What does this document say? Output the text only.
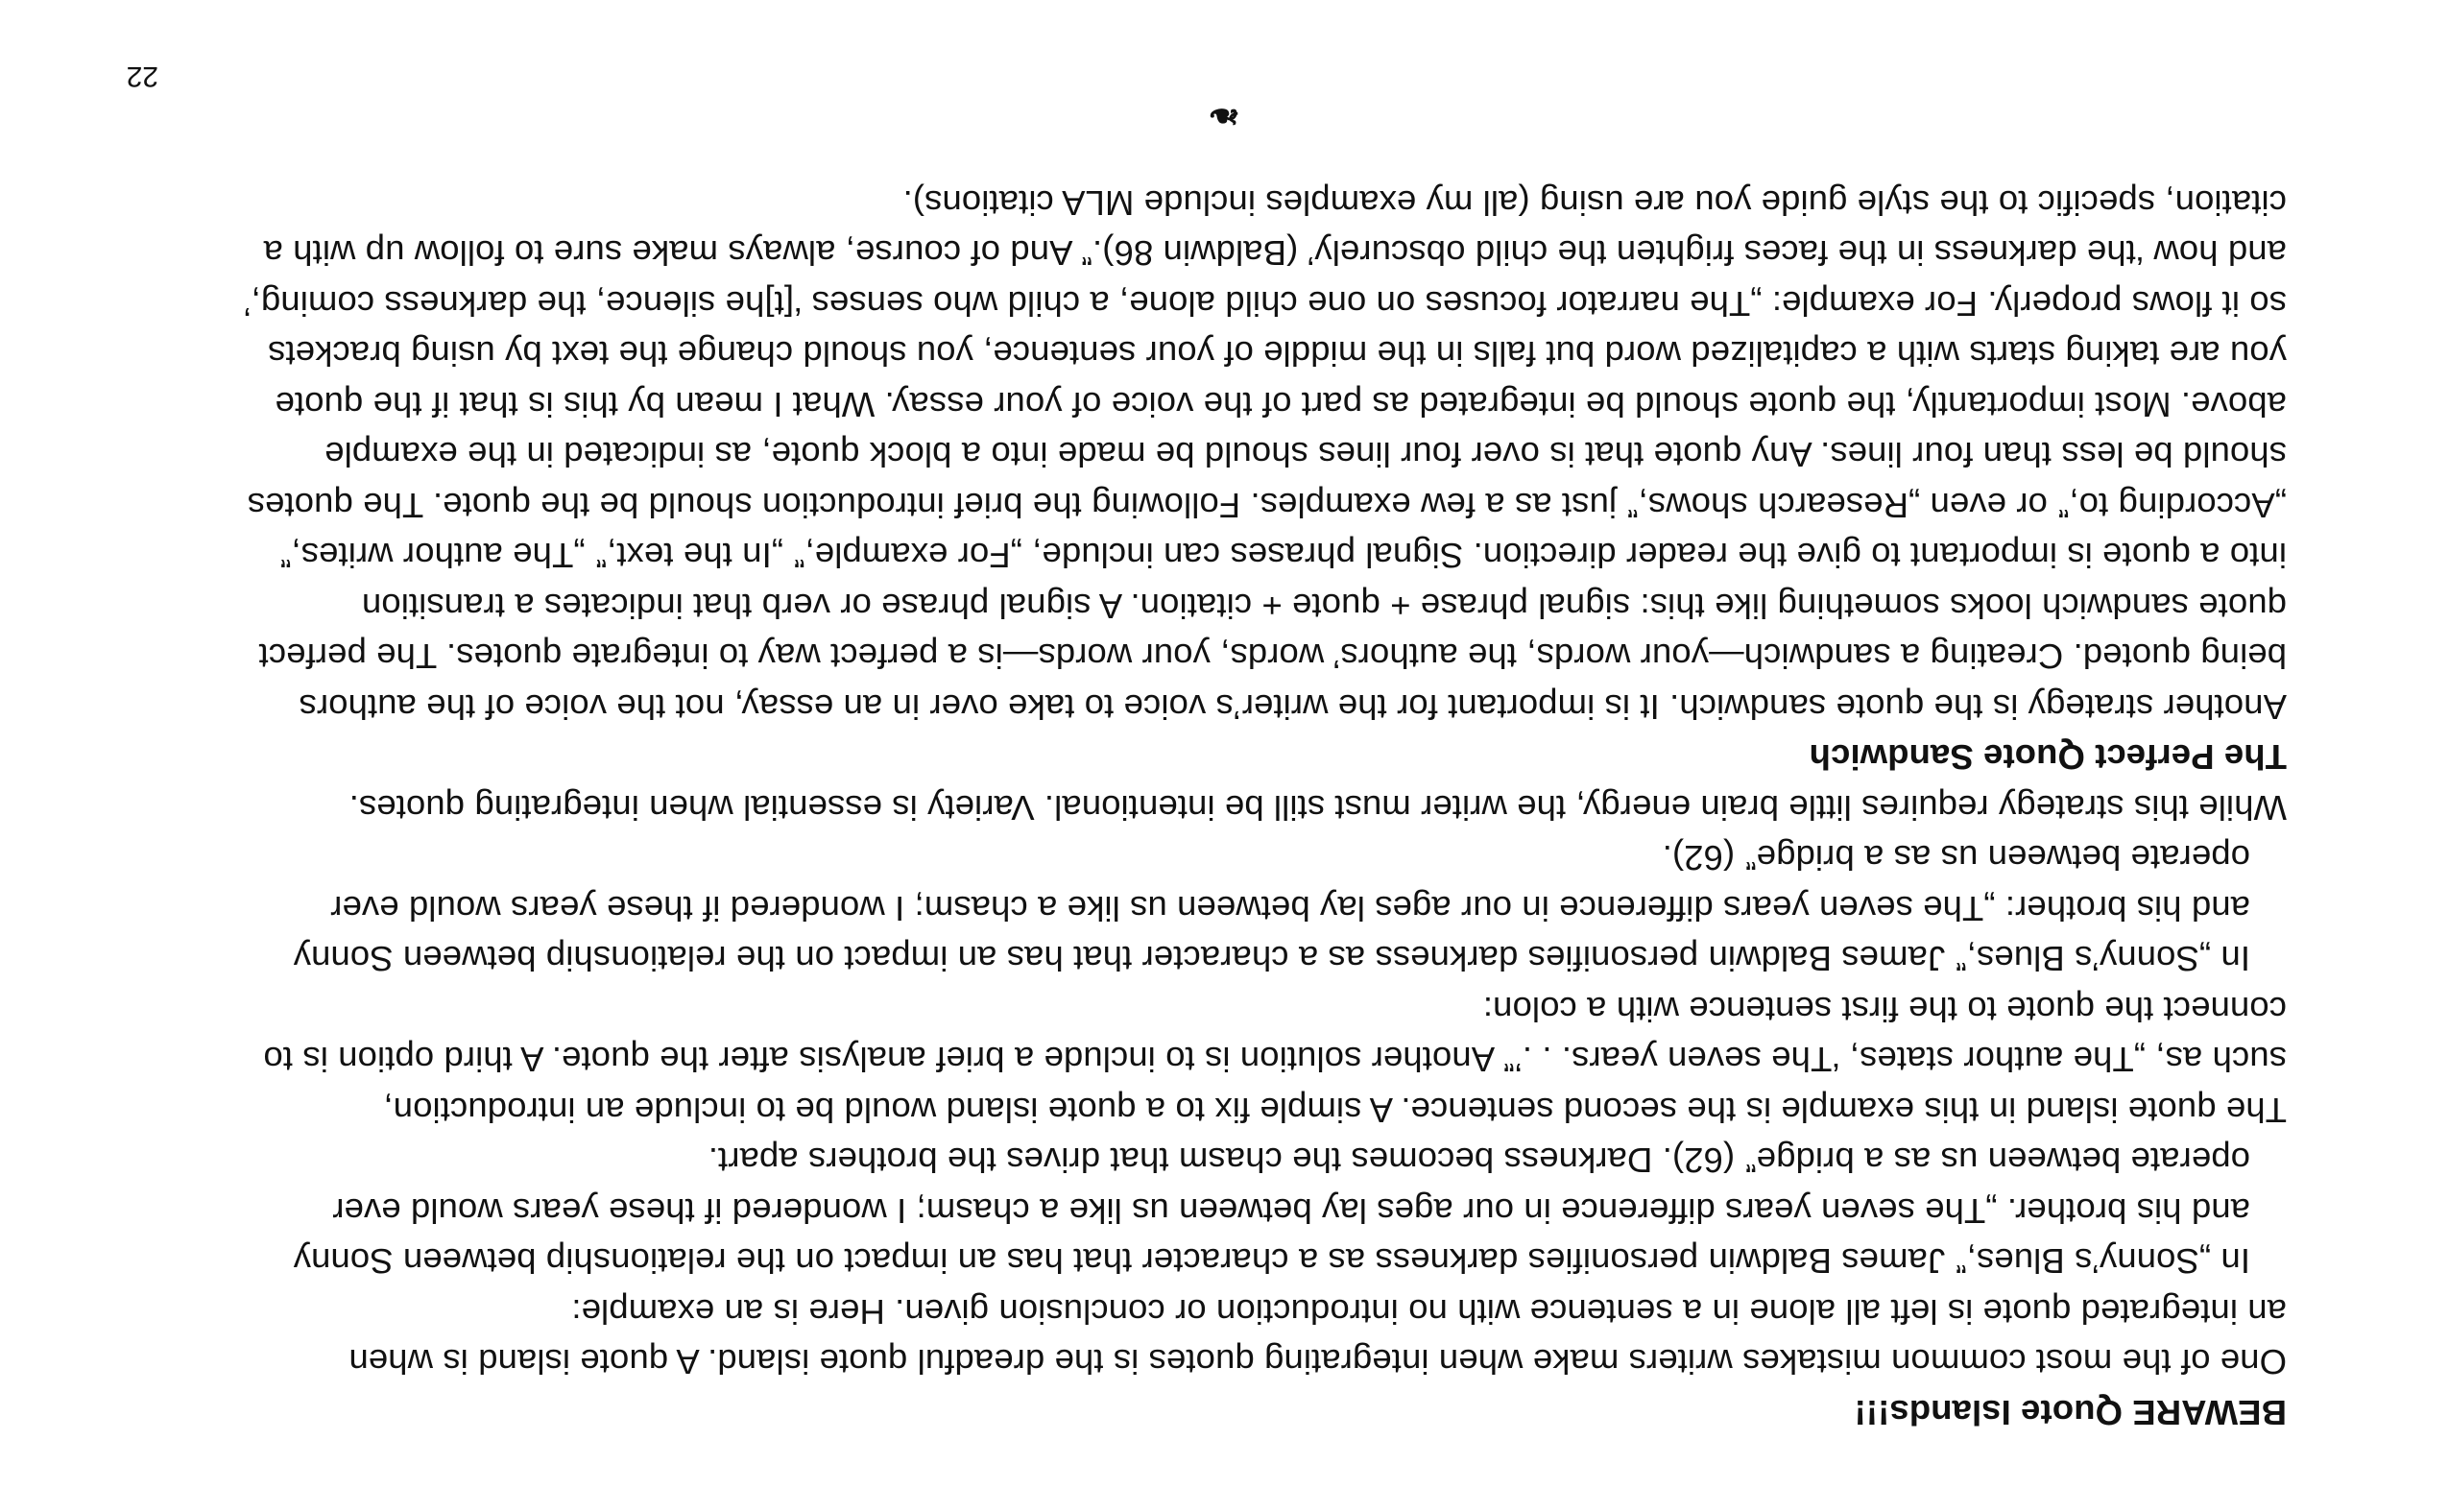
BEWARE Quote Islands!!!
One of the most common mistakes writers make when integrating quotes is the dreadful quote island. A quote island is when
an integrated quote is left all alone in a sentence with no introduction or conclusion given. Here is an example:
In „Sonny’s Blues,‟ James Baldwin personifies darkness as a character that has an impact on the relationship between Sonny
and his brother. „The seven years difference in our ages lay between us like a chasm; I wondered if these years would ever
operate between us as a bridge‟ (62). Darkness becomes the chasm that drives the brothers apart.
The quote island in this example is the second sentence. A simple fix to a quote island would be to include an introduction,
such as, „The author states, ‘The seven years. . .’‟ Another solution is to include a brief analysis after the quote. A third option is to
connect the quote to the first sentence with a colon:
In „Sonny’s Blues,‟ James Baldwin personifies darkness as a character that has an impact on the relationship between Sonny
and his brother: „The seven years difference in our ages lay between us like a chasm; I wondered if these years would ever
operate between us as a bridge‟ (62).
While this strategy requires little brain energy, the writer must still be intentional. Variety is essential when integrating quotes.
The Perfect Quote Sandwich
Another strategy is the quote sandwich. It is important for the writer’s voice to take over in an essay, not the voice of the authors
being quoted. Creating a sandwich—your words, the authors’ words, your words—is a perfect way to integrate quotes. The perfect
quote sandwich looks something like this: signal phrase + quote + citation. A signal phrase or verb that indicates a transition
into a quote is important to give the reader direction. Signal phrases can include, „For example,‟ „In the text,‟ „The author writes,‟
„According to,‟ or even „Research shows,‟ just as a few examples. Following the brief introduction should be the quote. The quotes
should be less than four lines. Any quote that is over four lines should be made into a block quote, as indicated in the example
above. Most importantly, the quote should be integrated as part of the voice of your essay. What I mean by this is that if the quote
you are taking starts with a capitalized word but falls in the middle of your sentence, you should change the text by using brackets
so it flows properly. For example: „The narrator focuses on one child alone, a child who senses ‘[t]he silence, the darkness coming,’
and how ‘the darkness in the faces frighten the child obscurely’ (Baldwin 86).‟ And of course, always make sure to follow up with a
citation, specific to the style guide you are using (all my examples include MLA citations).
❧
22
